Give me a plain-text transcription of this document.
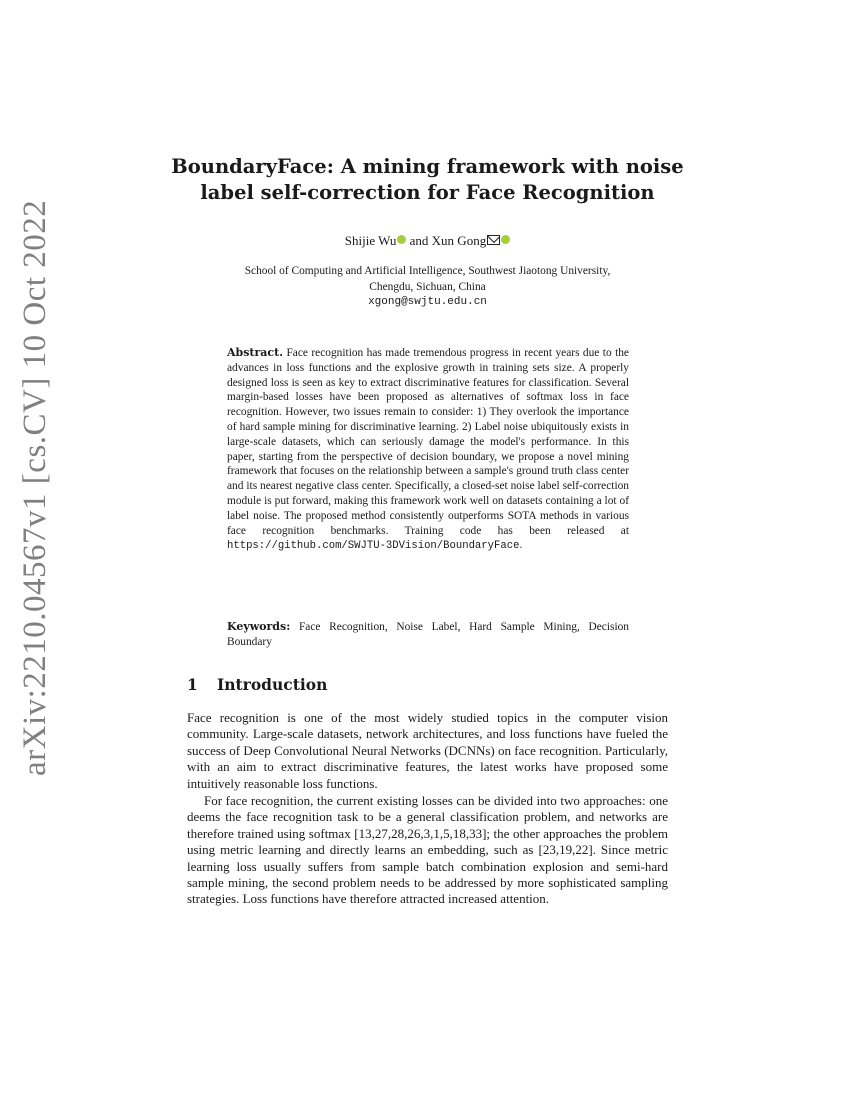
arXiv:2210.04567v1 [cs.CV] 10 Oct 2022
BoundaryFace: A mining framework with noise
label self-correction for Face Recognition
Shijie Wu and Xun Gong
School of Computing and Artificial Intelligence, Southwest Jiaotong University,
Chengdu, Sichuan, China
xgong@swjtu.edu.cn
Abstract. Face recognition has made tremendous progress in recent years due to the advances in loss functions and the explosive growth in training sets size. A properly designed loss is seen as key to extract discriminative features for classification. Several margin-based losses have been proposed as alternatives of softmax loss in face recognition. However, two issues remain to consider: 1) They overlook the importance of hard sample mining for discriminative learning. 2) Label noise ubiquitously exists in large-scale datasets, which can seriously damage the model's performance. In this paper, starting from the perspective of decision boundary, we propose a novel mining framework that focuses on the relationship between a sample's ground truth class center and its nearest negative class center. Specifically, a closed-set noise label self-correction module is put forward, making this framework work well on datasets containing a lot of label noise. The proposed method consistently outperforms SOTA methods in various face recognition benchmarks. Training code has been released at https://github.com/SWJTU-3DVision/BoundaryFace.
Keywords: Face Recognition, Noise Label, Hard Sample Mining, Decision Boundary
1 Introduction
Face recognition is one of the most widely studied topics in the computer vision community. Large-scale datasets, network architectures, and loss functions have fueled the success of Deep Convolutional Neural Networks (DCNNs) on face recognition. Particularly, with an aim to extract discriminative features, the latest works have proposed some intuitively reasonable loss functions.
For face recognition, the current existing losses can be divided into two approaches: one deems the face recognition task to be a general classification problem, and networks are therefore trained using softmax [13,27,28,26,3,1,5,18,33]; the other approaches the problem using metric learning and directly learns an embedding, such as [23,19,22]. Since metric learning loss usually suffers from sample batch combination explosion and semi-hard sample mining, the second problem needs to be addressed by more sophisticated sampling strategies. Loss functions have therefore attracted increased attention.
